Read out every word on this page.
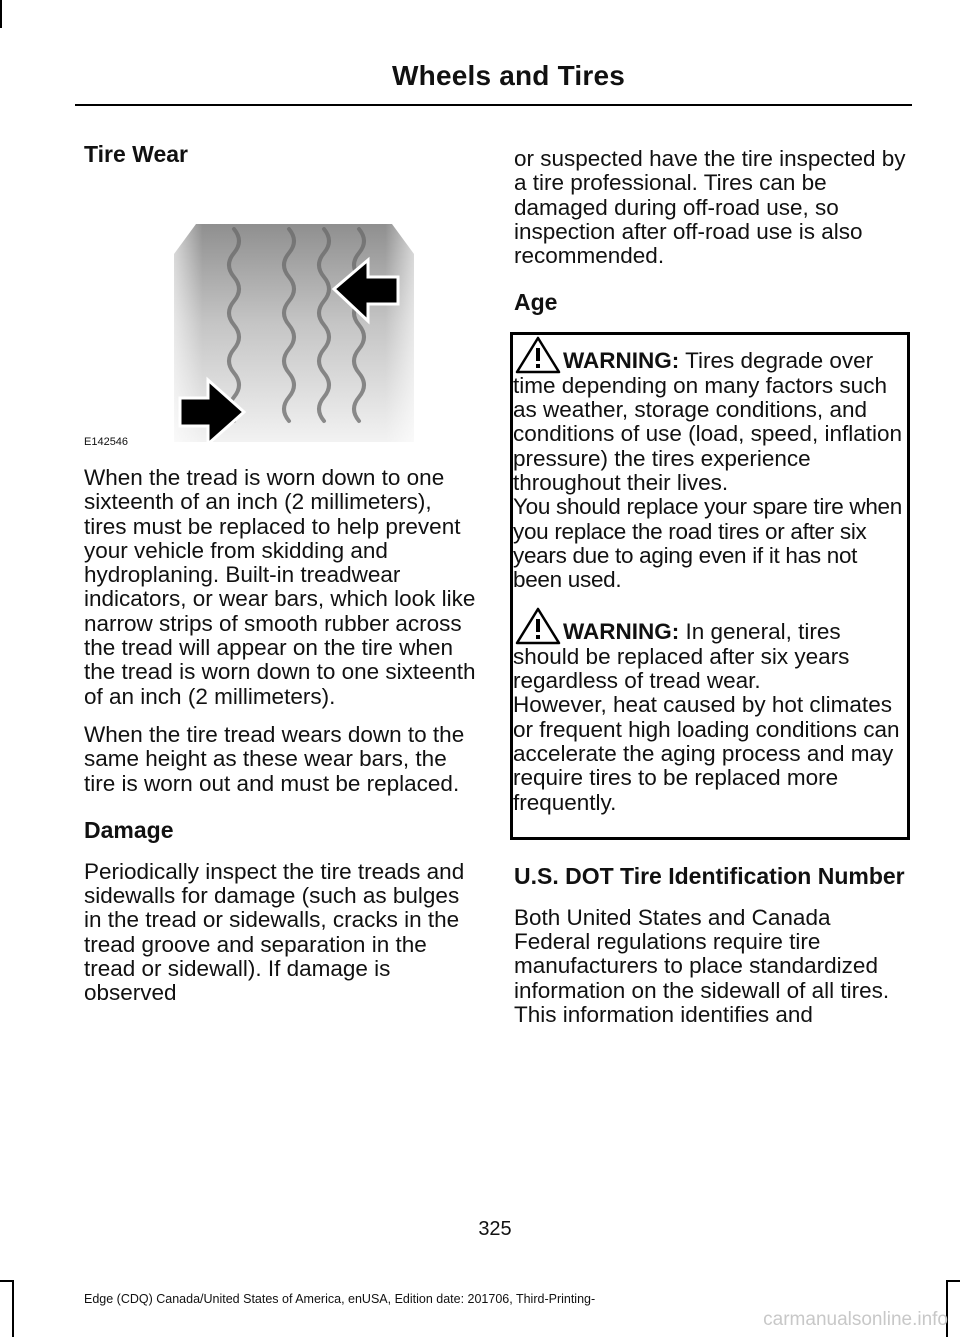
Wheels and Tires
Tire Wear
E142546

When the tread is worn down to one sixteenth of an inch (2 millimeters), tires must be replaced to help prevent your vehicle from skidding and hydroplaning. Built-in treadwear indicators, or wear bars, which look like narrow strips of smooth rubber across the tread will appear on the tire when the tread is worn down to one sixteenth of an inch (2 millimeters).

When the tire tread wears down to the same height as these wear bars, the tire is worn out and must be replaced.

Damage

Periodically inspect the tire treads and sidewalls for damage (such as bulges in the tread or sidewalls, cracks in the tread groove and separation in the tread or sidewall). If damage is observed

or suspected have the tire inspected by a tire professional. Tires can be damaged during off-road use, so inspection after off-road use is also recommended.

Age

WARNING: Tires degrade over time depending on many factors such as weather, storage conditions, and conditions of use (load, speed, inflation pressure) the tires experience throughout their lives.

You should replace your spare tire when you replace the road tires or after six years due to aging even if it has not been used.

WARNING: In general, tires should be replaced after six years regardless of tread wear.

However, heat caused by hot climates or frequent high loading conditions can accelerate the aging process and may require tires to be replaced more frequently.

U.S. DOT Tire Identification Number

Both United States and Canada Federal regulations require tire manufacturers to place standardized information on the sidewall of all tires. This information identifies and

325
Edge (CDQ) Canada/United States of America, enUSA, Edition date: 201706, Third-Printing-
carmanualsonline.info
